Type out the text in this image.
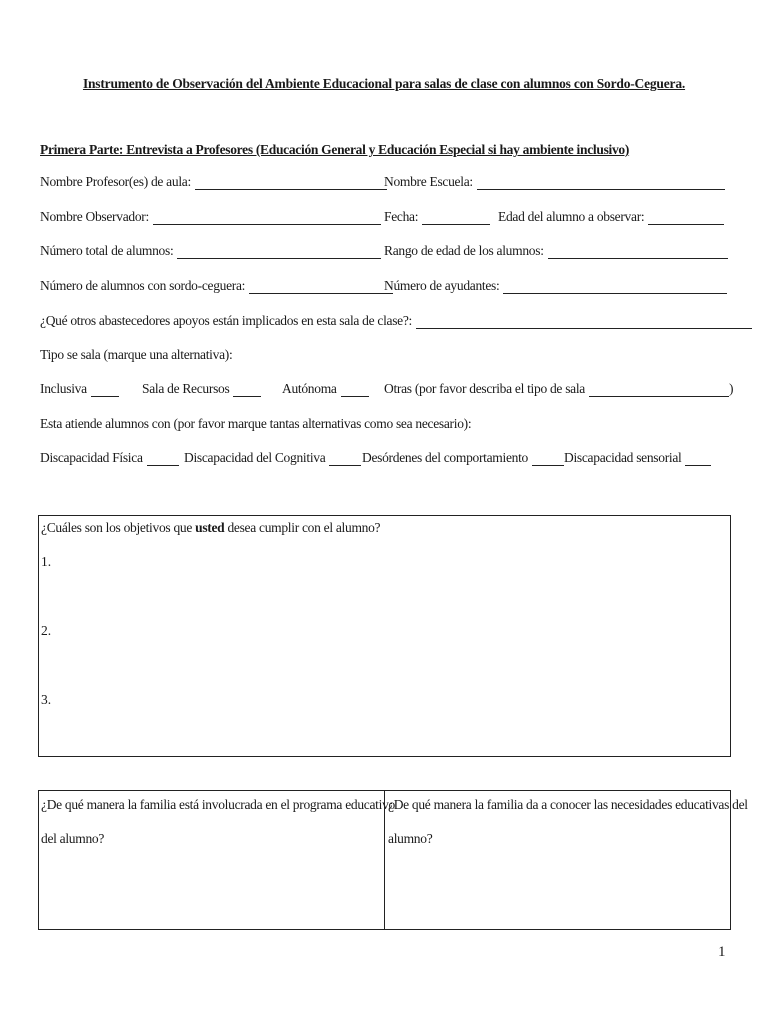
Instrumento de Observación del Ambiente Educacional para salas de clase con alumnos con Sordo-Ceguera.
Primera Parte: Entrevista a Profesores (Educación General y Educación Especial si hay ambiente inclusivo)
Nombre Profesor(es) de aula:	Nombre Escuela:
Nombre Observador:	Fecha:	Edad del alumno a observar:
Número total de alumnos:	Rango de edad de los alumnos:
Número de alumnos con sordo-ceguera:	Número de ayudantes:
¿Qué otros abastecedores apoyos están implicados en esta sala de clase?:
Tipo se sala (marque una alternativa):
Inclusiva	Sala de Recursos	Autónoma	Otras (por favor describa el tipo de sala	)
Esta atiende alumnos con (por favor marque tantas alternativas como sea necesario):
Discapacidad Física	Discapacidad del Cognitiva	Desórdenes del comportamiento	Discapacidad sensorial
¿Cuáles son los objetivos que usted desea cumplir con el alumno?
1.
2.
3.
¿De qué manera la familia está involucrada en el programa educativo
del alumno?
¿De qué manera la familia da a conocer las necesidades educativas del
alumno?
1
